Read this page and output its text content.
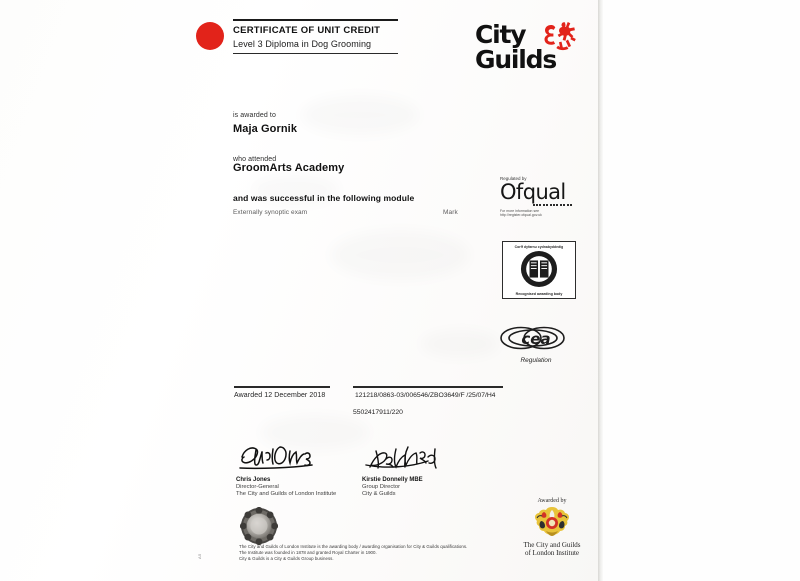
CERTIFICATE OF UNIT CREDIT
Level 3 Diploma in Dog Grooming	City
Guilds
is awarded to
Maja Gornik
who attended
GroomArts Academy
and was successful in the following module
Externally synoptic exam	Mark
Regulated by
Ofqual
For more information see http://register.ofqual.gov.uk
Corff dyfarnu cydnabyddedig
Recognised awarding body
cea
Regulation
Awarded 12 December 2018	121218/0863-03/006546/ZBO3649/F /25/07/H4
5502417911/220
Chris Jones
Director-General
The City and Guilds of London Institute
Kirstie Donnelly MBE
Group Director
City & Guilds
The City and Guilds of London Institute is the awarding body / awarding organisation for City & Guilds qualifications.
The Institute was founded in 1878 and granted Royal Charter in 1900.
City & Guilds is a City & Guilds Group business.
Awarded by
The City and Guilds
of London Institute
A5
